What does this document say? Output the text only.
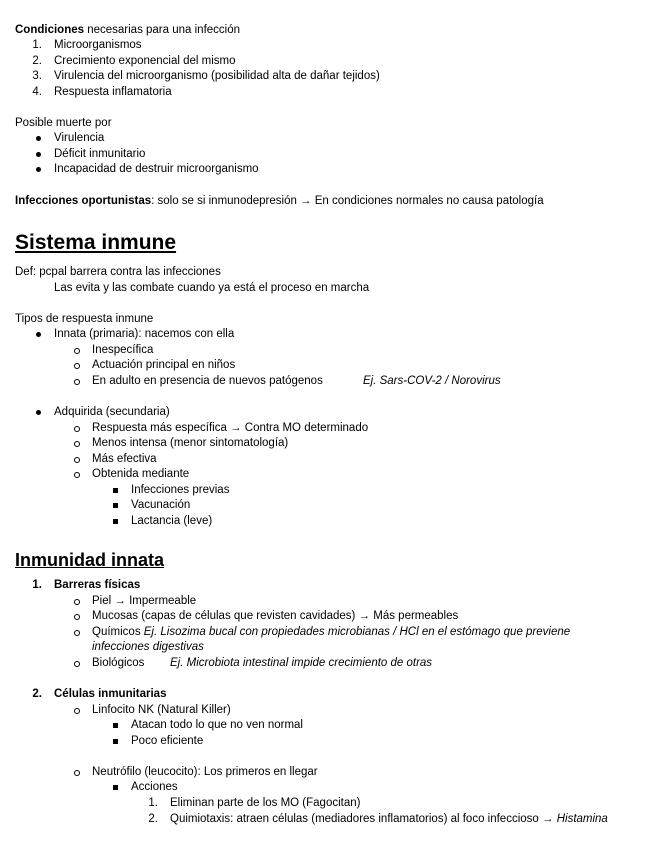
Condiciones necesarias para una infección
1. Microorganismos
2. Crecimiento exponencial del mismo
3. Virulencia del microorganismo (posibilidad alta de dañar tejidos)
4. Respuesta inflamatoria
Posible muerte por
Virulencia
Déficit inmunitario
Incapacidad de destruir microorganismo
Infecciones oportunistas: solo se si inmunodepresión → En condiciones normales no causa patología
Sistema inmune
Def: pcpal barrera contra las infecciones
Las evita y las combate cuando ya está el proceso en marcha
Tipos de respuesta inmune
Innata (primaria): nacemos con ella
Inespecífica
Actuación principal en niños
En adulto en presencia de nuevos patógenos	Ej. Sars-COV-2 / Norovirus
Adquirida (secundaria)
Respuesta más específica → Contra MO determinado
Menos intensa (menor sintomatología)
Más efectiva
Obtenida mediante
Infecciones previas
Vacunación
Lactancia (leve)
Inmunidad innata
1. Barreras físicas
Piel → Impermeable
Mucosas (capas de células que revisten cavidades) → Más permeables
Químicos Ej. Lisozima bucal con propiedades microbianas / HCl en el estómago que previene
infecciones digestivas
Biológicos Ej. Microbiota intestinal impide crecimiento de otras
2. Células inmunitarias
Linfocito NK (Natural Killer)
Atacan todo lo que no ven normal
Poco eficiente
Neutrófilo (leucocito): Los primeros en llegar
Acciones
1. Eliminan parte de los MO (Fagocitan)
2. Quimiotaxis: atraen células (mediadores inflamatorios) al foco infeccioso → Histamina
